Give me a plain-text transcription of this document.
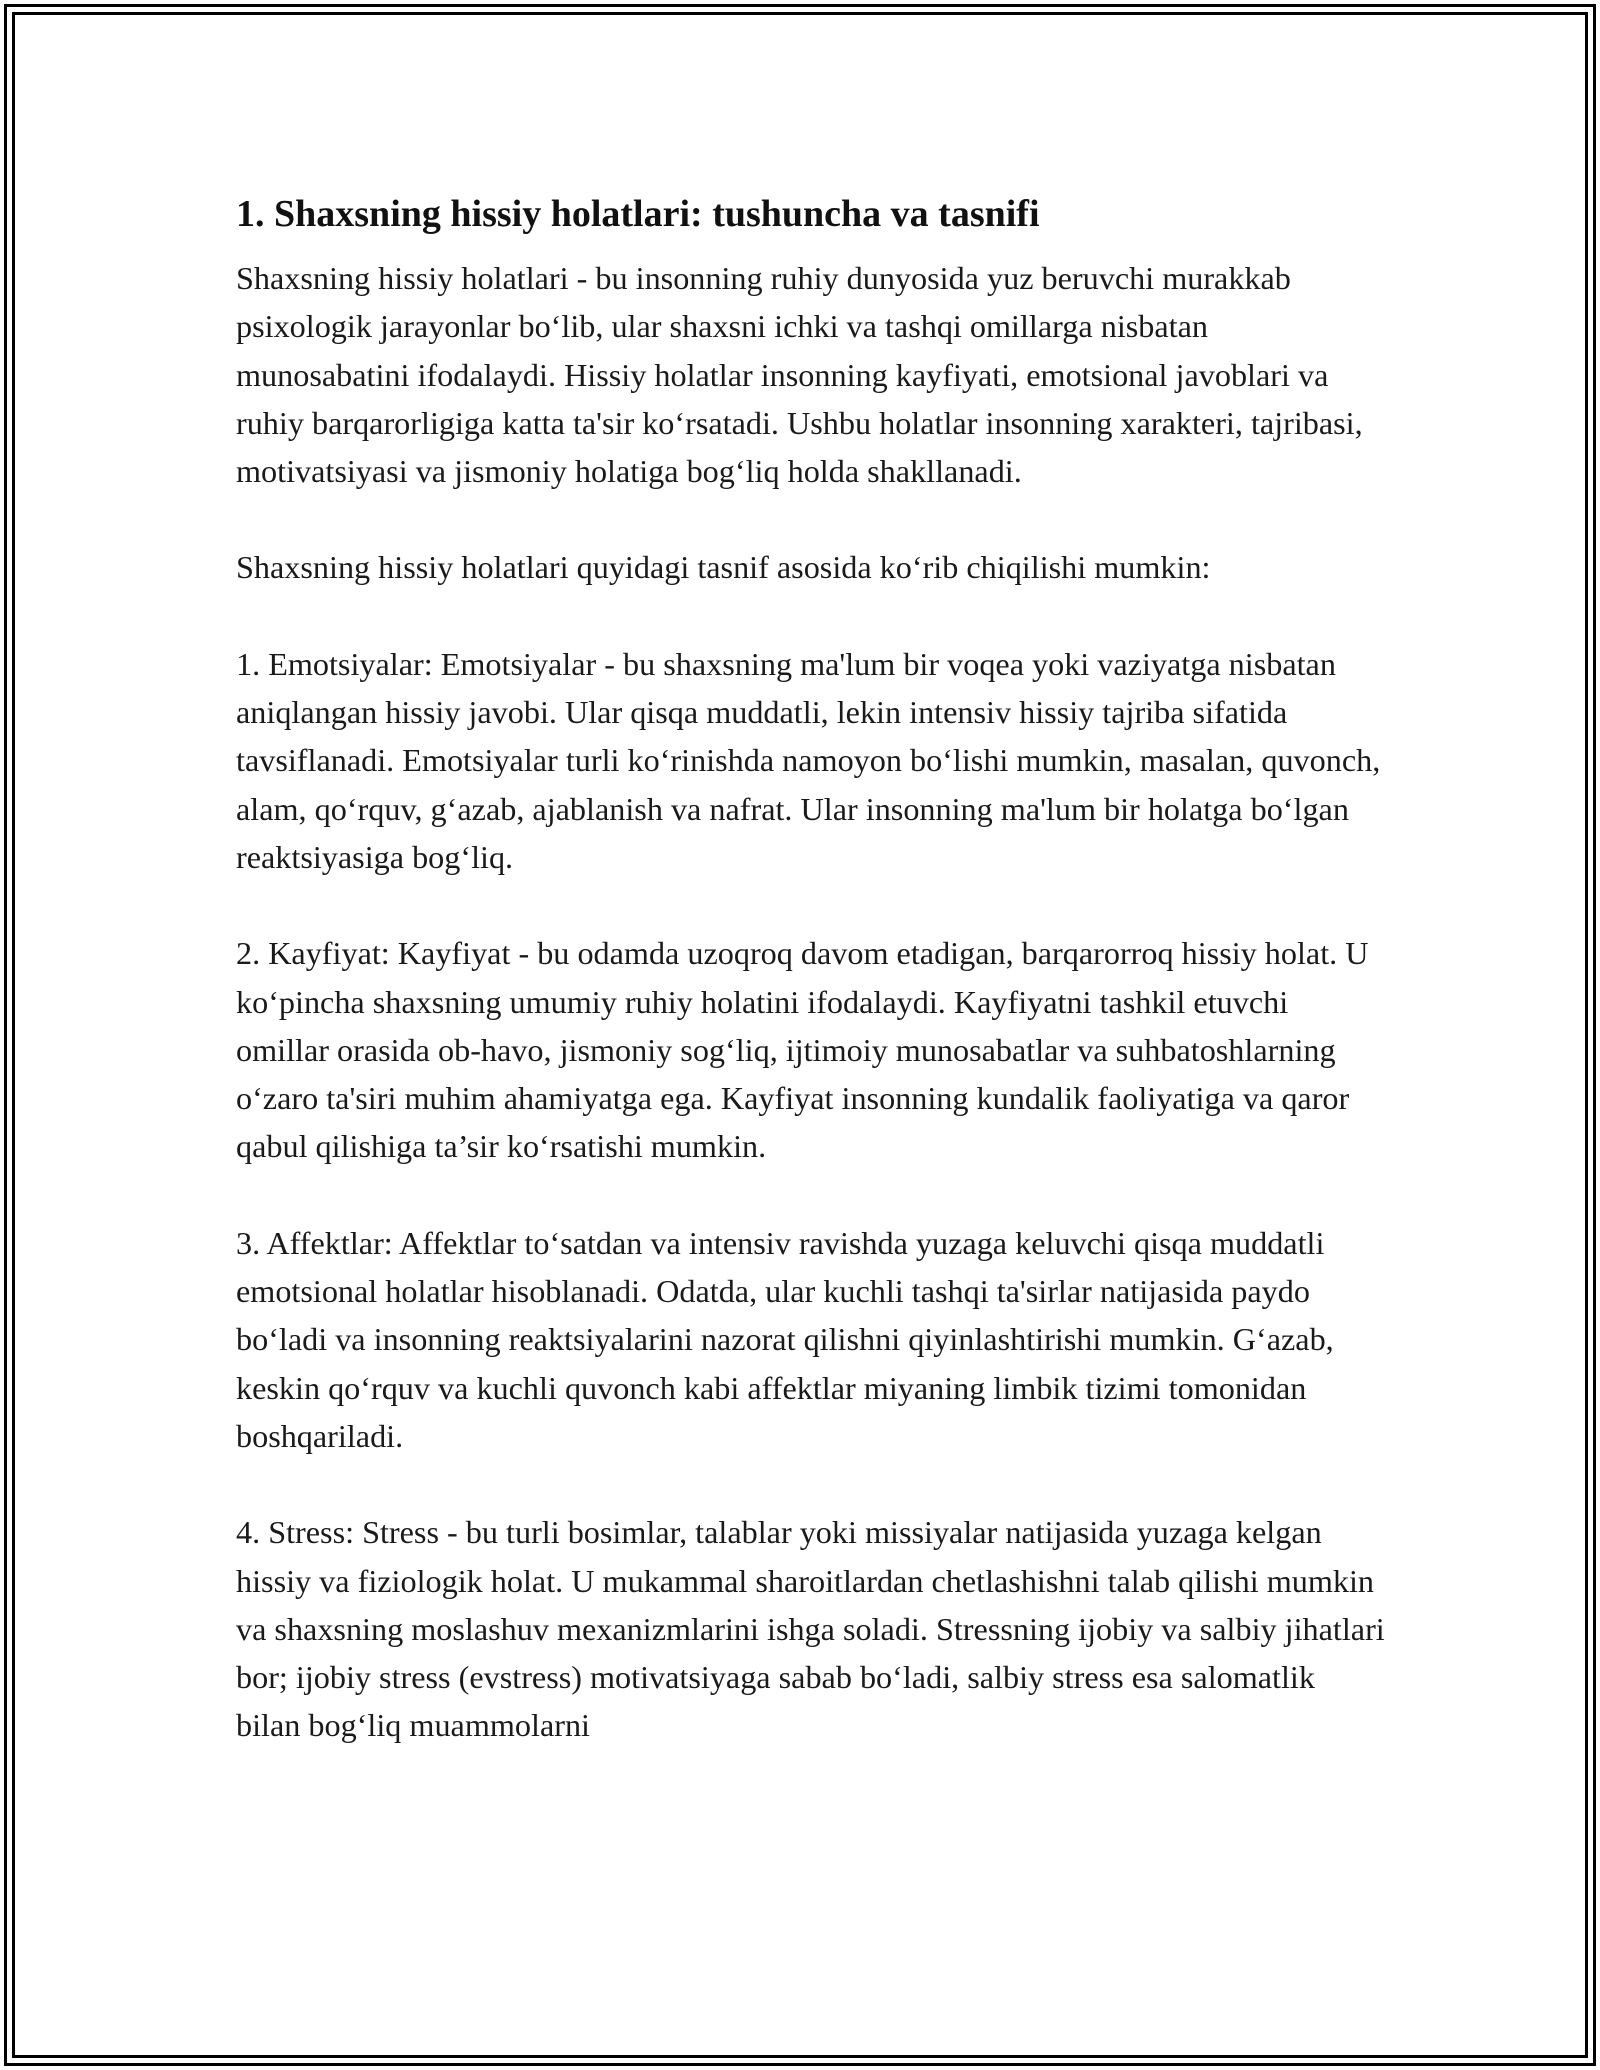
1. Shaxsning hissiy holatlari: tushuncha va tasnifi

Shaxsning hissiy holatlari - bu insonning ruhiy dunyosida yuz beruvchi murakkab psixologik jarayonlar bo‘lib, ular shaxsni ichki va tashqi omillarga nisbatan munosabatini ifodalaydi. Hissiy holatlar insonning kayfiyati, emotsional javoblari va ruhiy barqarorligiga katta ta'sir ko‘rsatadi. Ushbu holatlar insonning xarakteri, tajribasi, motivatsiyasi va jismoniy holatiga bog‘liq holda shakllanadi.

Shaxsning hissiy holatlari quyidagi tasnif asosida ko‘rib chiqilishi mumkin:

1. Emotsiyalar: Emotsiyalar - bu shaxsning ma'lum bir voqea yoki vaziyatga nisbatan aniqlangan hissiy javobi. Ular qisqa muddatli, lekin intensiv hissiy tajriba sifatida tavsiflanadi. Emotsiyalar turli ko‘rinishda namoyon bo‘lishi mumkin, masalan, quvonch, alam, qo‘rquv, g‘azab, ajablanish va nafrat. Ular insonning ma'lum bir holatga bo‘lgan reaktsiyasiga bog‘liq.

2. Kayfiyat: Kayfiyat - bu odamda uzoqroq davom etadigan, barqarorroq hissiy holat. U ko‘pincha shaxsning umumiy ruhiy holatini ifodalaydi. Kayfiyatni tashkil etuvchi omillar orasida ob-havo, jismoniy sog‘liq, ijtimoiy munosabatlar va suhbatoshlarning o‘zaro ta'siri muhim ahamiyatga ega. Kayfiyat insonning kundalik faoliyatiga va qaror qabul qilishiga ta’sir ko‘rsatishi mumkin.

3. Affektlar: Affektlar to‘satdan va intensiv ravishda yuzaga keluvchi qisqa muddatli emotsional holatlar hisoblanadi. Odatda, ular kuchli tashqi ta'sirlar natijasida paydo bo‘ladi va insonning reaktsiyalarini nazorat qilishni qiyinlashtirishi mumkin. G‘azab, keskin qo‘rquv va kuchli quvonch kabi affektlar miyaning limbik tizimi tomonidan boshqariladi.

4. Stress: Stress - bu turli bosimlar, talablar yoki missiyalar natijasida yuzaga kelgan hissiy va fiziologik holat. U mukammal sharoitlardan chetlashishni talab qilishi mumkin va shaxsning moslashuv mexanizmlarini ishga soladi. Stressning ijobiy va salbiy jihatlari bor; ijobiy stress (evstress) motivatsiyaga sabab bo‘ladi, salbiy stress esa salomatlik bilan bog‘liq muammolarni
